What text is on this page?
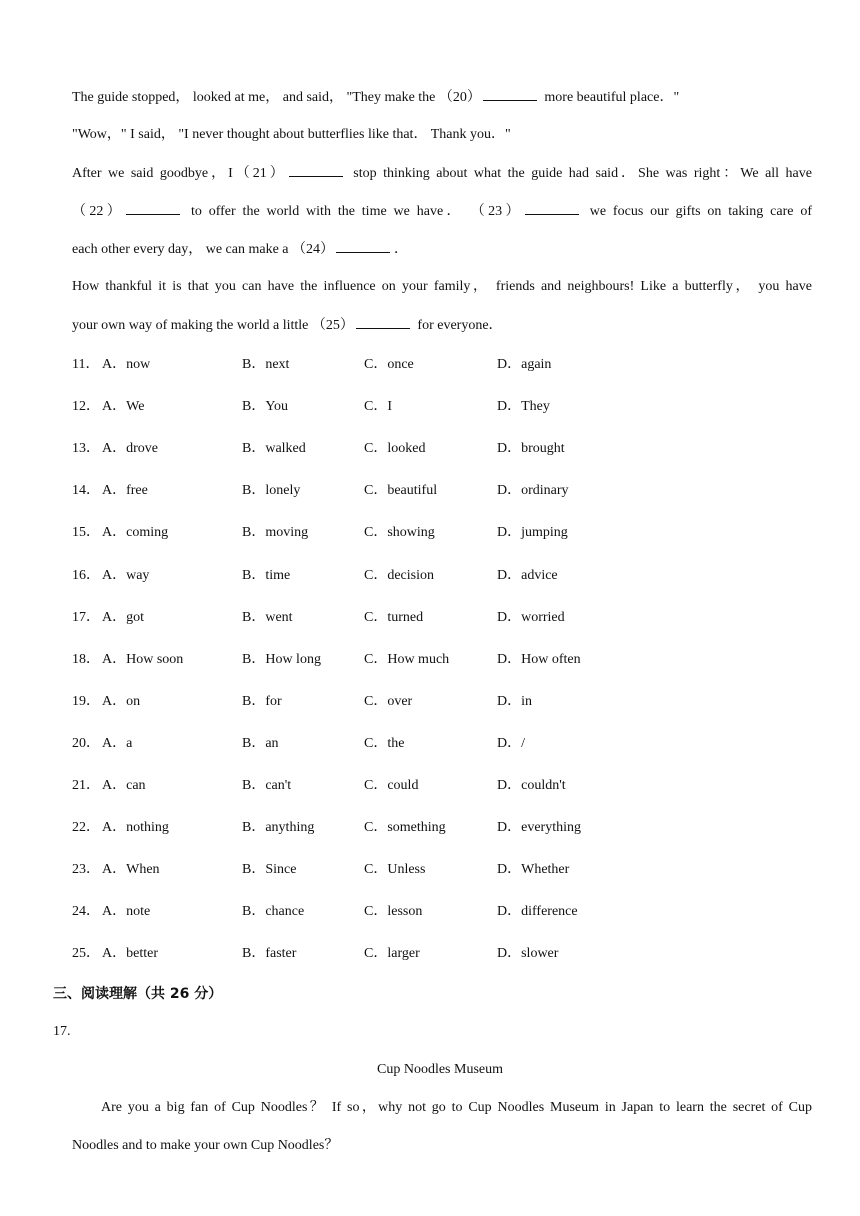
The guide stopped， looked at me， and said， "They make the （20）	more beautiful place．"
"Wow，" I said， "I never thought about butterflies like that． Thank you．"
After we said goodbye，I（21）	stop thinking about what the guide had said．She was right：We all have
（22）	to offer the world with the time we have． （23）	we focus our gifts on taking care of
each other every day， we can make a （24）	．
How thankful it is that you can have the influence on your family， friends and neighbours! Like a butterfly， you have
your own way of making the world a little （25）	for everyone．
11． A．now	B．next	C．once	D．again
12． A．We	B．You	C．I	D．They
13． A．drove	B．walked	C．looked	D．brought
14． A．free	B．lonely	C．beautiful	D．ordinary
15． A．coming	B．moving	C．showing	D．jumping
16． A．way	B．time	C．decision	D．advice
17． A．got	B．went	C．turned	D．worried
18． A．How soon	B．How long	C．How much	D．How often
19． A．on	B．for	C．over	D．in
20． A．a	B．an	C．the	D．/
21． A．can	B．can't	C．could	D．couldn't
22． A．nothing	B．anything	C．something	D．everything
23． A．When	B．Since	C．Unless	D．Whether
24． A．note	B．chance	C．lesson	D．difference
25． A．better	B．faster	C．larger	D．slower
三、阅读理解（共 26 分）
17.
Cup Noodles Museum
Are you a big fan of Cup Noodles？ If so，why not go to Cup Noodles Museum in Japan to learn the secret of Cup
Noodles and to make your own Cup Noodles？
